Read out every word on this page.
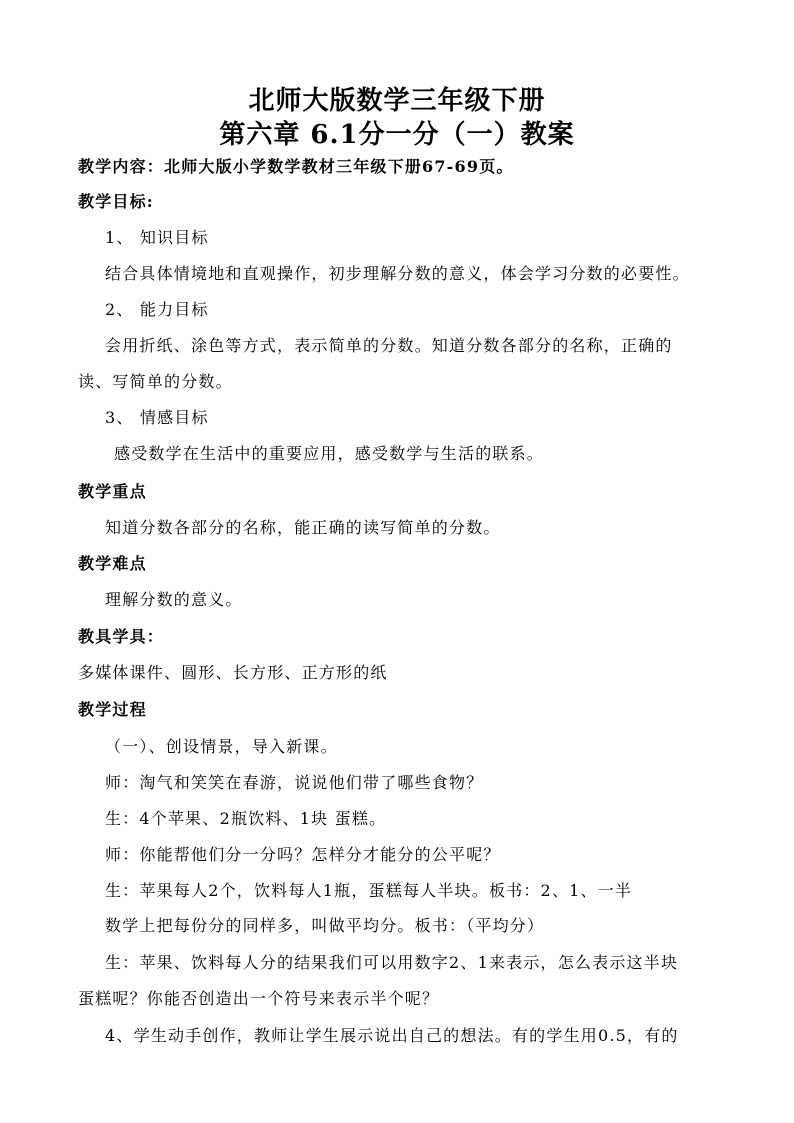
北师大版数学三年级下册
第六章 6.1分一分（一）教案
教学内容：北师大版小学数学教材三年级下册67-69页。
教学目标:
1、 知识目标
结合具体情境地和直观操作，初步理解分数的意义，体会学习分数的必要性。
2、 能力目标
会用折纸、涂色等方式，表示简单的分数。知道分数各部分的名称，正确的
读、写简单的分数。
3、 情感目标
感受数学在生活中的重要应用，感受数学与生活的联系。
教学重点
知道分数各部分的名称，能正确的读写简单的分数。
教学难点
理解分数的意义。
教具学具：
多媒体课件、圆形、长方形、正方形的纸
教学过程
（一）、创设情景，导入新课。
师：淘气和笑笑在春游，说说他们带了哪些食物？
生：4个苹果、2瓶饮料、1块 蛋糕。
师：你能帮他们分一分吗？怎样分才能分的公平呢？
生：苹果每人2个，饮料每人1瓶，蛋糕每人半块。板书：2、1、一半
数学上把每份分的同样多，叫做平均分。板书：（平均分）
生：苹果、饮料每人分的结果我们可以用数字2、1来表示，怎么表示这半块
蛋糕呢？你能否创造出一个符号来表示半个呢？
4、学生动手创作，教师让学生展示说出自己的想法。有的学生用0.5，有的
